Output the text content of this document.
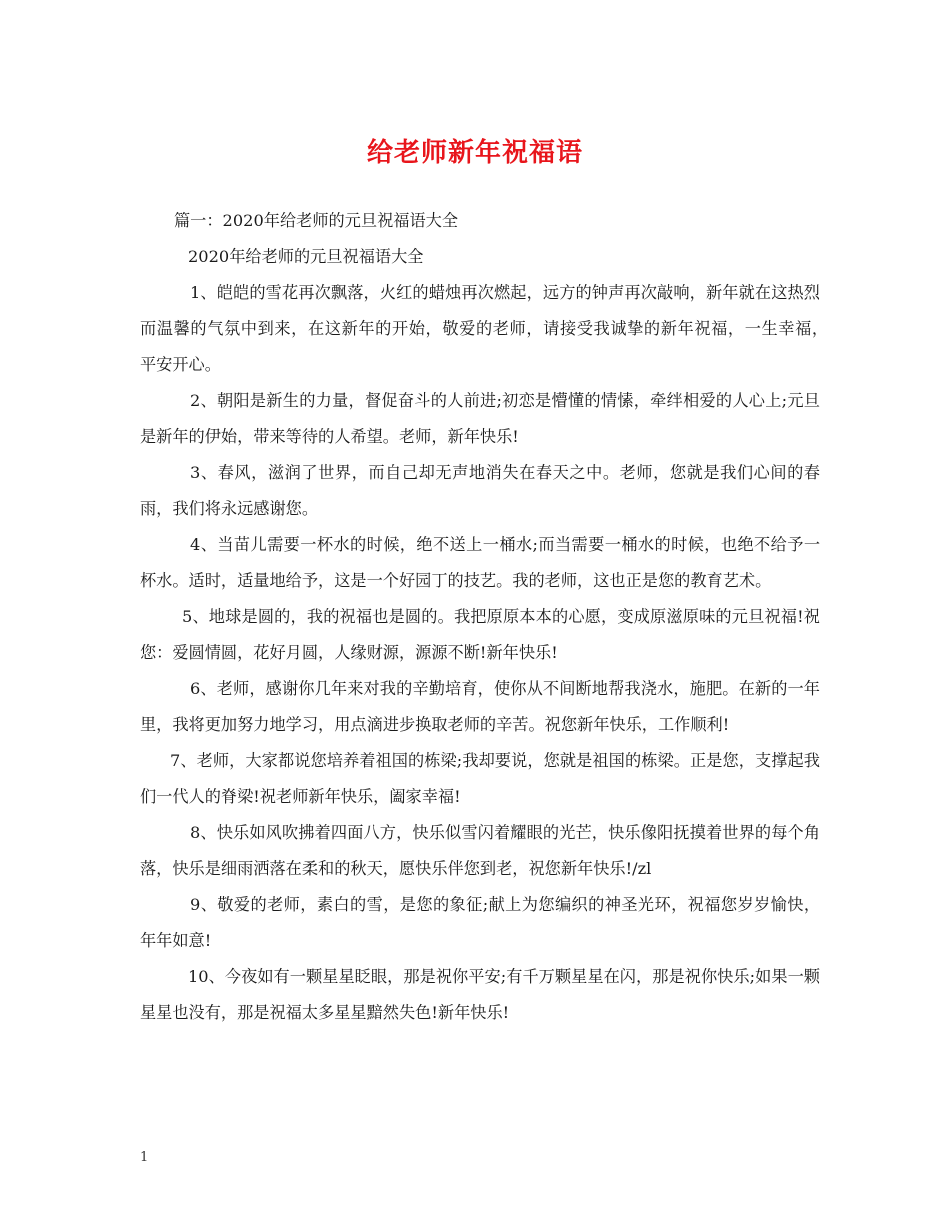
给老师新年祝福语

篇一：2020年给老师的元旦祝福语大全

2020年给老师的元旦祝福语大全

1、皑皑的雪花再次飘落，火红的蜡烛再次燃起，远方的钟声再次敲响，新年就在这热烈而温馨的气氛中到来，在这新年的开始，敬爱的老师，请接受我诚挚的新年祝福，一生幸福，　平安开心。

2、朝阳是新生的力量，督促奋斗的人前进;初恋是懵懂的情愫，牵绊相爱的人心上;元旦是新年的伊始，带来等待的人希望。老师，新年快乐!

3、春风，滋润了世界，而自己却无声地消失在春天之中。老师，您就是我们心间的春雨，我们将永远感谢您。

4、当苗儿需要一杯水的时候，绝不送上一桶水;而当需要一桶水的时候，也绝不给予一杯水。适时，适量地给予，这是一个好园丁的技艺。我的老师，这也正是您的教育艺术。

5、地球是圆的，我的祝福也是圆的。我把原原本本的心愿，变成原滋原味的元旦祝福!祝您：爱圆情圆，花好月圆，人缘财源，源源不断!新年快乐!

6、老师，感谢你几年来对我的辛勤培育，使你从不间断地帮我浇水，施肥。在新的一年里，我将更加努力地学习，用点滴进步换取老师的辛苦。祝您新年快乐，工作顺利!

7、老师，大家都说您培养着祖国的栋梁;我却要说，您就是祖国的栋梁。正是您，支撑起我们一代人的脊梁!祝老师新年快乐，阖家幸福!

8、快乐如风吹拂着四面八方，快乐似雪闪着耀眼的光芒，快乐像阳抚摸着世界的每个角落，快乐是细雨洒落在柔和的秋天，愿快乐伴您到老，祝您新年快乐!/zl

9、敬爱的老师，素白的雪，是您的象征;献上为您编织的神圣光环，祝福您岁岁愉快，年年如意!

10、今夜如有一颗星星眨眼，那是祝你平安;有千万颗星星在闪，那是祝你快乐;如果一颗星星也没有，那是祝福太多星星黯然失色!新年快乐!

1
